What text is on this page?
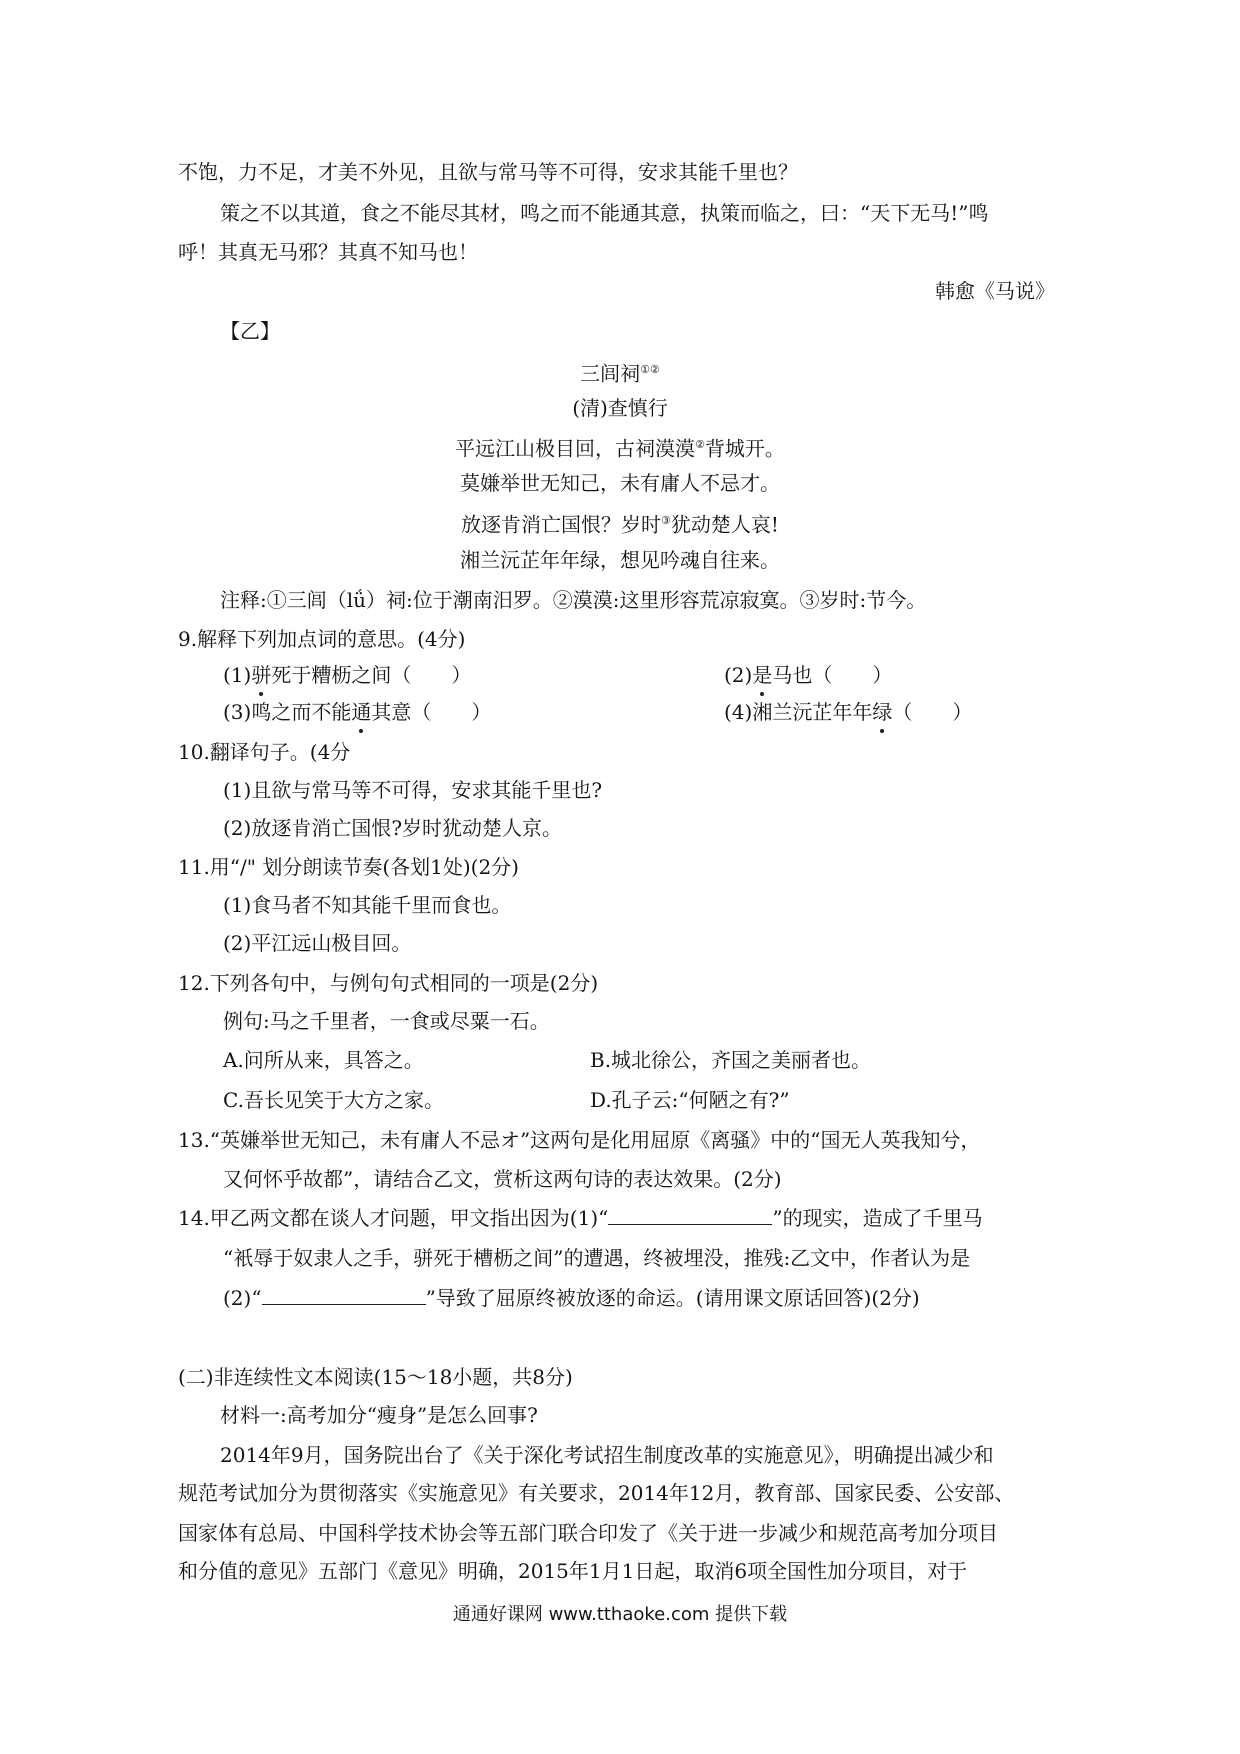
不饱，力不足，才美不外见，且欲与常马等不可得，安求其能千里也？
策之不以其道，食之不能尽其材，鸣之而不能通其意，执策而临之，曰：“天下无马!”鸣
呼！其真无马邪？其真不知马也！
韩愈《马说》
【乙】
三闾祠①②
(清)查慎行
平远江山极目回，古祠漠漠②背城开。
莫嫌举世无知己，未有庸人不忌才。
放逐肯消亡国恨？岁时③犹动楚人哀!
湘兰沅芷年年绿，想见吟魂自往来。
注释:①三闾（lǘ）祠:位于潮南汨罗。②漠漠:这里形容荒凉寂寞。③岁时:节今。
9.解释下列加点词的意思。(4分)
(1)骈死于糟枥之间（　　）	(2)是马也（　　）
(3)鸣之而不能通其意（　　）	(4)湘兰沅芷年年绿（　　）
10.翻译句子。(4分
(1)且欲与常马等不可得，安求其能千里也?
(2)放逐肯消亡国恨?岁时犹动楚人京。
11.用“/" 划分朗读节奏(各划1处)(2分)
(1)食马者不知其能千里而食也。
(2)平江远山极目回。
12.下列各句中，与例句句式相同的一项是(2分)
例句:马之千里者，一食或尽粟一石。
A.问所从来，具答之。	B.城北徐公，齐国之美丽者也。
C.吾长见笑于大方之家。	D.孔子云:“何陋之有?”
13.“英嫌举世无知己，未有庸人不忌オ”这两句是化用屈原《离骚》中的“国无人英我知兮，
又何怀乎故都”，请结合乙文，赏析这两句诗的表达效果。(2分)
14.甲乙两文都在谈人才问题，甲文指出因为(1)“	”的现实，造成了千里马
“衹辱于奴隶人之手，骈死于槽枥之间”的遭遇，终被埋没，推残:乙文中，作者认为是
(2)“	”导致了屈原终被放逐的命运。(请用课文原话回答)(2分)
(二)非连续性文本阅读(15～18小题，共8分)
材料一:高考加分“瘦身”是怎么回事?
2014年9月，国务院出台了《关于深化考试招生制度改革的实施意见》，明确提出减少和
规范考试加分为贯彻落实《实施意见》有关要求，2014年12月，教育部、国家民委、公安部、
国家体有总局、中国科学技术协会等五部门联合印发了《关于进一步减少和规范高考加分项目
和分值的意见》五部门《意见》明确，2015年1月1日起，取消6项全国性加分项目，对于
通通好课网 www.tthaoke.com 提供下载
